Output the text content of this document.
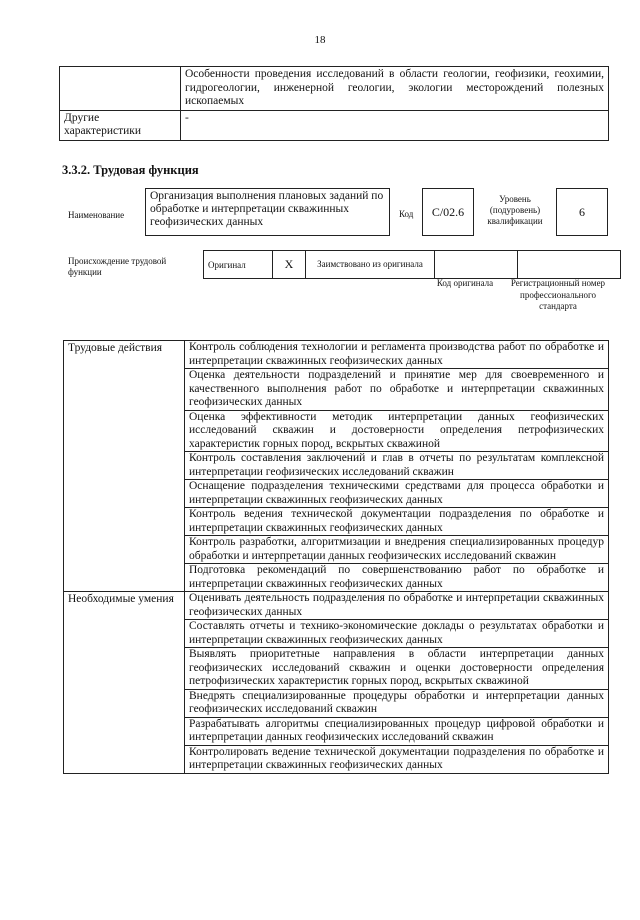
18
	Особенности проведения исследований в области геологии, геофизики, геохимии, гидрогеологии, инженерной геологии, экологии месторождений полезных ископаемых
Другие характеристики	-
3.3.2. Трудовая функция
Наименование
Организация выполнения плановых заданий по обработке и интерпретации скважинных геофизических данных
Код	C/02.6
Уровень (подуровень) квалификации
6
Происхождение трудовой функции
Оригинал	X	Заимствовано из оригинала		
Код оригинала	Регистрационный номер профессионального стандарта
Трудовые действия	Контроль соблюдения технологии и регламента производства работ по обработке и интерпретации скважинных геофизических данных
	Оценка деятельности подразделений и принятие мер для своевременного и качественного выполнения работ по обработке и интерпретации скважинных геофизических данных
	Оценка эффективности методик интерпретации данных геофизических исследований скважин и достоверности определения петрофизических характеристик горных пород, вскрытых скважиной
	Контроль составления заключений и глав в отчеты по результатам комплексной интерпретации геофизических исследований скважин
	Оснащение подразделения техническими средствами для процесса обработки и интерпретации скважинных геофизических данных
	Контроль ведения технической документации подразделения по обработке и интерпретации скважинных геофизических данных
	Контроль разработки, алгоритмизации и внедрения специализированных процедур обработки и интерпретации данных геофизических исследований скважин
	Подготовка рекомендаций по совершенствованию работ по обработке и интерпретации скважинных геофизических данных
Необходимые умения	Оценивать деятельность подразделения по обработке и интерпретации скважинных геофизических данных
	Составлять отчеты и технико-экономические доклады о результатах обработки и интерпретации скважинных геофизических данных
	Выявлять приоритетные направления в области интерпретации данных геофизических исследований скважин и оценки достоверности определения петрофизических характеристик горных пород, вскрытых скважиной
	Внедрять специализированные процедуры обработки и интерпретации данных геофизических исследований скважин
	Разрабатывать алгоритмы специализированных процедур цифровой обработки и интерпретации данных геофизических исследований скважин
	Контролировать ведение технической документации подразделения по обработке и интерпретации скважинных геофизических данных
